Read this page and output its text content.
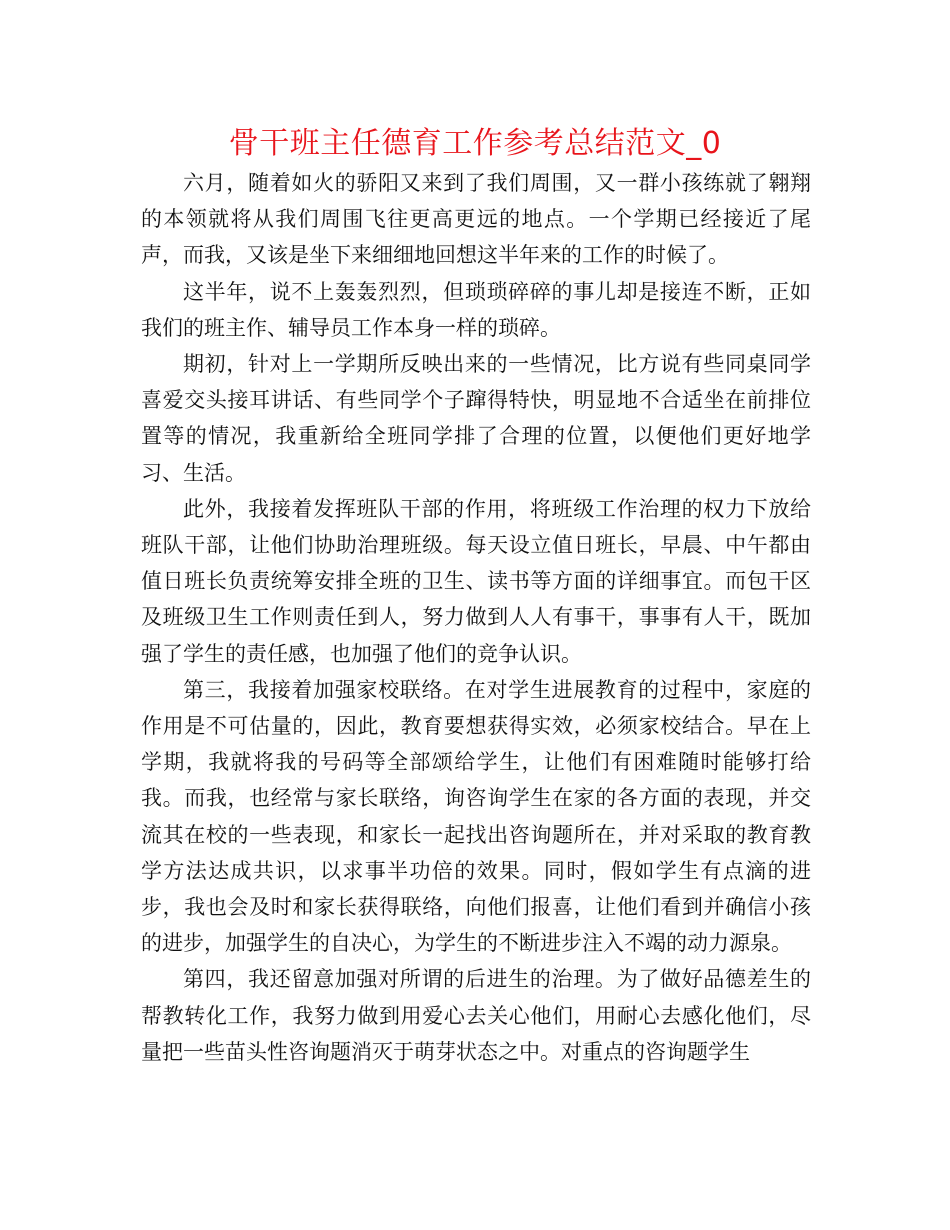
骨干班主任德育工作参考总结范文_0

六月，随着如火的骄阳又来到了我们周围，又一群小孩练就了翱翔的本领就将从我们周围飞往更高更远的地点。一个学期已经接近了尾声，而我，又该是坐下来细细地回想这半年来的工作的时候了。

这半年，说不上轰轰烈烈，但琐琐碎碎的事儿却是接连不断，正如我们的班主作、辅导员工作本身一样的琐碎。

期初，针对上一学期所反映出来的一些情况，比方说有些同桌同学喜爱交头接耳讲话、有些同学个子蹿得特快，明显地不合适坐在前排位置等的情况，我重新给全班同学排了合理的位置，以便他们更好地学习、生活。

此外，我接着发挥班队干部的作用，将班级工作治理的权力下放给班队干部，让他们协助治理班级。每天设立值日班长，早晨、中午都由值日班长负责统筹安排全班的卫生、读书等方面的详细事宜。而包干区及班级卫生工作则责任到人，努力做到人人有事干，事事有人干，既加强了学生的责任感，也加强了他们的竞争认识。

第三，我接着加强家校联络。在对学生进展教育的过程中，家庭的作用是不可估量的，因此，教育要想获得实效，必须家校结合。早在上学期，我就将我的号码等全部颂给学生，让他们有困难随时能够打给我。而我，也经常与家长联络，询咨询学生在家的各方面的表现，并交流其在校的一些表现，和家长一起找出咨询题所在，并对采取的教育教学方法达成共识，以求事半功倍的效果。同时，假如学生有点滴的进步，我也会及时和家长获得联络，向他们报喜，让他们看到并确信小孩的进步，加强学生的自决心，为学生的不断进步注入不竭的动力源泉。

第四，我还留意加强对所谓的后进生的治理。为了做好品德差生的帮教转化工作，我努力做到用爱心去关心他们，用耐心去感化他们，尽量把一些苗头性咨询题消灭于萌芽状态之中。对重点的咨询题学生
